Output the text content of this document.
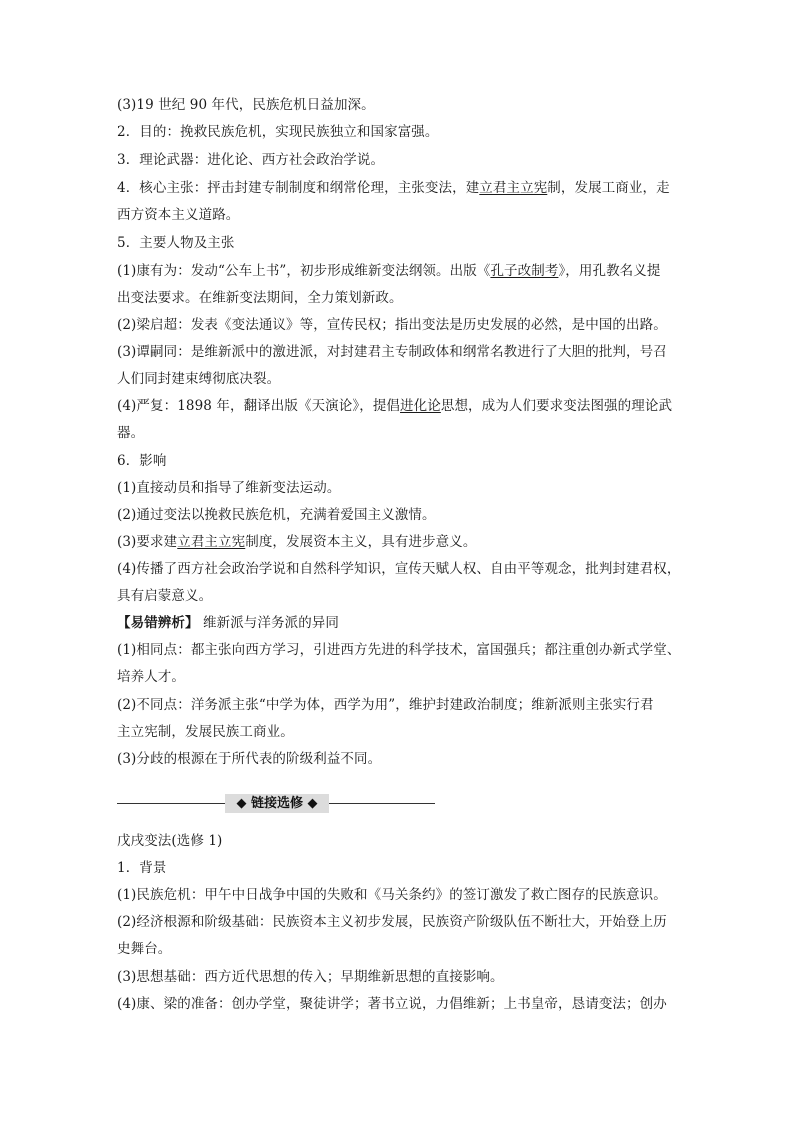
(3)19 世纪 90 年代，民族危机日益加深。
2．目的：挽救民族危机，实现民族独立和国家富强。
3．理论武器：进化论、西方社会政治学说。
4．核心主张：抨击封建专制制度和纲常伦理，主张变法，建立君主立宪制，发展工商业，走
西方资本主义道路。
5．主要人物及主张
(1)康有为：发动“公车上书”，初步形成维新变法纲领。出版《孔子改制考》，用孔教名义提
出变法要求。在维新变法期间，全力策划新政。
(2)梁启超：发表《变法通议》等，宣传民权；指出变法是历史发展的必然，是中国的出路。
(3)谭嗣同：是维新派中的激进派，对封建君主专制政体和纲常名教进行了大胆的批判，号召
人们同封建束缚彻底决裂。
(4)严复：1898 年，翻译出版《天演论》，提倡进化论思想，成为人们要求变法图强的理论武
器。
6．影响
(1)直接动员和指导了维新变法运动。
(2)通过变法以挽救民族危机，充满着爱国主义激情。
(3)要求建立君主立宪制度，发展资本主义，具有进步意义。
(4)传播了西方社会政治学说和自然科学知识，宣传天赋人权、自由平等观念，批判封建君权，
具有启蒙意义。
【易错辨析】 维新派与洋务派的异同
(1)相同点：都主张向西方学习，引进西方先进的科学技术，富国强兵；都注重创办新式学堂、
培养人才。
(2)不同点：洋务派主张“中学为体，西学为用”，维护封建政治制度；维新派则主张实行君
主立宪制，发展民族工商业。
(3)分歧的根源在于所代表的阶级利益不同。
◆ 链接选修 ◆
戊戌变法(选修 1)
1．背景
(1)民族危机：甲午中日战争中国的失败和《马关条约》的签订激发了救亡图存的民族意识。
(2)经济根源和阶级基础：民族资本主义初步发展，民族资产阶级队伍不断壮大，开始登上历
史舞台。
(3)思想基础：西方近代思想的传入；早期维新思想的直接影响。
(4)康、梁的准备：创办学堂，聚徒讲学；著书立说，力倡维新；上书皇帝，恳请变法；创办
